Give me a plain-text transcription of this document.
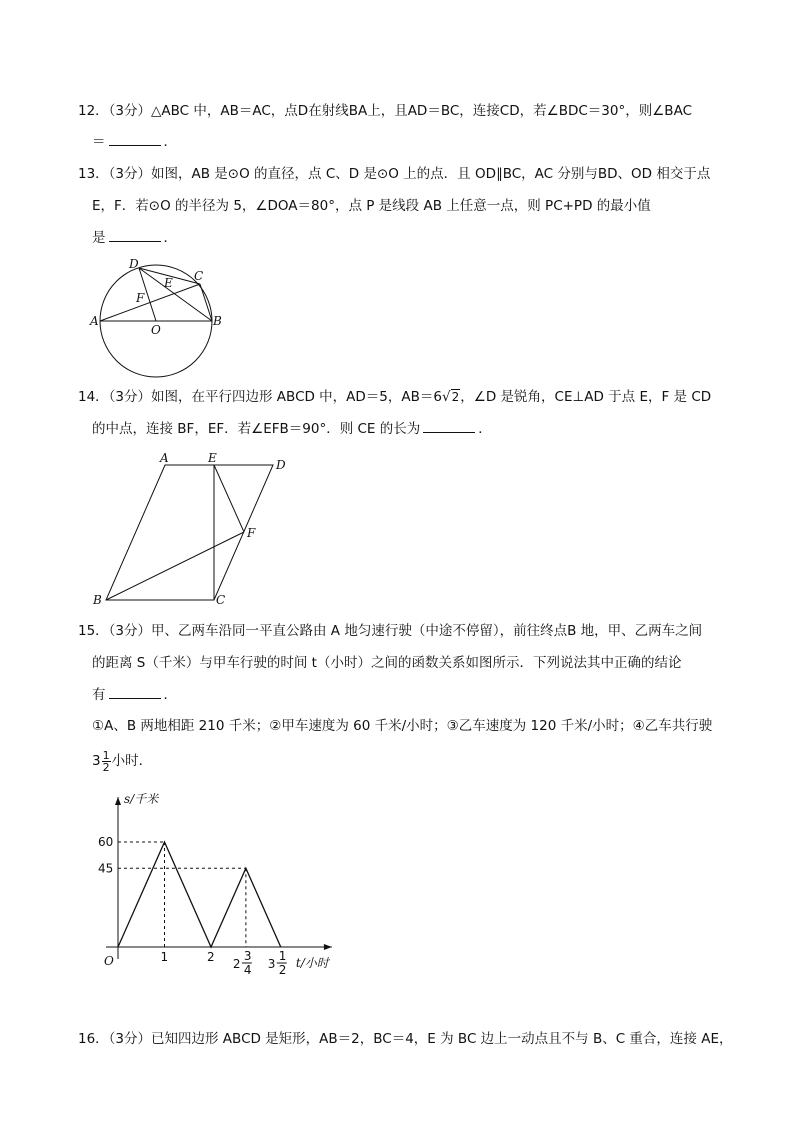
12．（3分）△ABC 中，AB＝AC，点D在射线BA上，且AD＝BC，连接CD，若∠BDC＝30°，则∠BAC
＝	．
13．（3分）如图，AB 是⊙O 的直径，点 C、D 是⊙O 上的点．且 OD∥BC，AC 分别与BD、OD 相交于点
E，F．若⊙O 的半径为 5，∠DOA＝80°，点 P 是线段 AB 上任意一点，则 PC+PD 的最小值
是	．
D
C
E
F
A	B
O
14．（3分）如图，在平行四边形 ABCD 中，AD＝5，AB＝6√2，∠D 是锐角，CE⊥AD 于点 E，F 是 CD
的中点，连接 BF，EF．若∠EFB＝90°．则 CE 的长为	．
A	E	D
F
B	C
15．（3分）甲、乙两车沿同一平直公路由 A 地匀速行驶（中途不停留），前往终点B 地，甲、乙两车之间
的距离 S（千米）与甲车行驶的时间 t（小时）之间的函数关系如图所示．下列说法其中正确的结论
有	．
①A、B 两地相距 210 千米；②甲车速度为 60 千米/小时；③乙车速度为 120 千米/小时；④乙车共行驶
$3 \frac{1}{2}$ 小时．
s/千米
t/小时
O
45
60
1	2 2
3
4 3
1
2
16．（3分）已知四边形 ABCD 是矩形，AB＝2，BC＝4，E 为 BC 边上一动点且不与 B、C 重合，连接 AE，
